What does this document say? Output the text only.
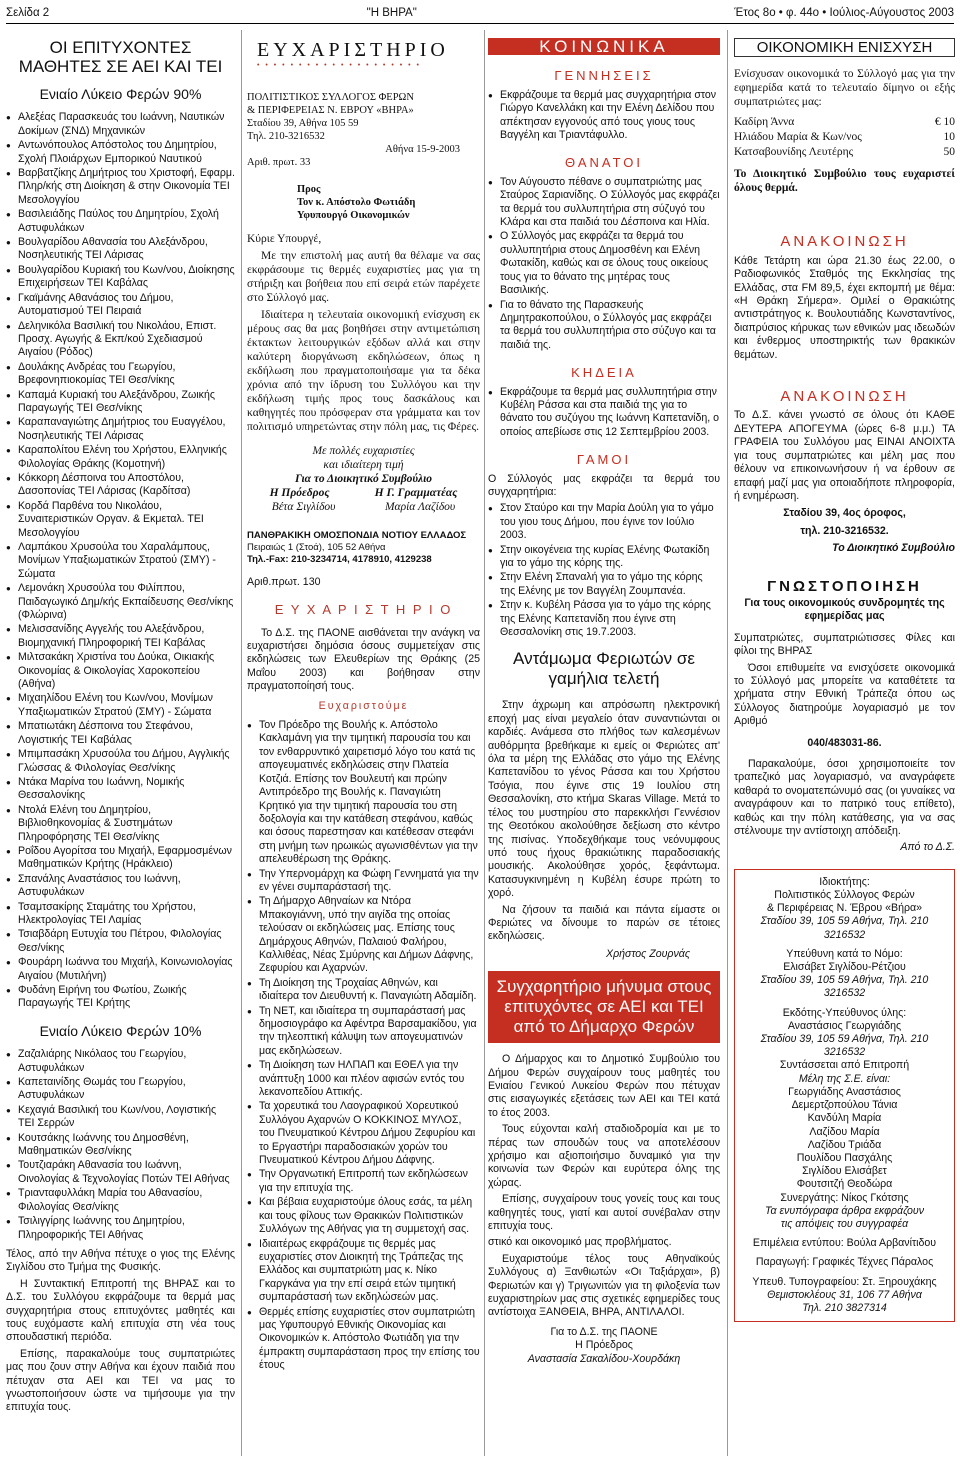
Σελίδα 2	"Η ΒΗΡΑ"	Έτος 8ο • φ. 44ο • Ιούλιος-Αύγουστος 2003
ΟΙ ΕΠΙΤΥΧΟΝΤΕΣ ΜΑΘΗΤΕΣ ΣΕ ΑΕΙ ΚΑΙ ΤΕΙ
Ενιαίο Λύκειο Φερών 90%
● Αλεξέας Παρασκευάς του Ιωάννη, Ναυτικών Δοκίμων (ΣΝΔ) Μηχανικών
● Αντωνόπουλος Απόστολος του Δημητρίου, Σχολή Πλοιάρχων Εμπορικού Ναυτικού
● Βαρβατζίκης Δημήτριος του Χριστοφή, Εφαρμ. Πληρ/κής στη Διοίκηση & στην Οικονομία ΤΕΙ Μεσολογγίου
● Βασιλειάδης Παύλος του Δημητρίου, Σχολή Αστυφυλάκων
● Βουλγαρίδου Αθανασία του Αλεξάνδρου, Νοσηλευτικής ΤΕΙ Λάρισας
● Βουλγαρίδου Κυριακή του Κων/νου, Διοίκησης Επιχειρήσεων ΤΕΙ Καβάλας
● Γκαϊμάνης Αθανάσιος του Δήμου, Αυτοματισμού ΤΕΙ Πειραιά
● Δεληνικόλα Βασιλική του Νικολάου, Επιστ. Προσχ. Αγωγής & Εκπ/κού Σχεδιασμού Αιγαίου (Ρόδος)
● Δουλάκης Ανδρέας του Γεωργίου, Βρεφονηπιοκομίας ΤΕΙ Θεσ/νίκης
● Καπαμά Κυριακή του Αλεξάνδρου, Ζωικής Παραγωγής ΤΕΙ Θεσ/νίκης
● Καραπαναγιώτης Δημήτριος του Ευαγγέλου, Νοσηλευτικής ΤΕΙ Λάρισας
● Καραπολίτου Ελένη του Χρήστου, Ελληνικής Φιλολογίας Θράκης (Κομοτηνή)
● Κόκκορη Δέσποινα του Αποστόλου, Δασοπονίας ΤΕΙ Λάρισας (Καρδίτσα)
● Κορδά Παρθένα του Νικολάου, Συναιτεριστικών Οργαν. & Εκμεταλ. ΤΕΙ Μεσολογγίου
● Λαμπάκου Χρυσούλα του Χαραλάμπους, Μονίμων Υπαξιωματικών Στρατού (ΣΜΥ) - Σώματα
● Λεμονάκη Χρυσούλα του Φιλίππου, Παιδαγωγικό Δημ/κής Εκπαίδευσης Θεσ/νίκης (Φλώρινα)
● Μελισσανίδης Αγγελής του Αλεξάνδρου, Βιομηχανική Πληροφορική ΤΕΙ Καβάλας
● Μιλτσακάκη Χριστίνα του Δούκα, Οικιακής Οικονομίας & Οικολογίας Χαροκοπείου (Αθήνα)
● Μιχαηλίδου Ελένη του Κων/νου, Μονίμων Υπαξιωματικών Στρατού (ΣΜΥ) - Σώματα
● Μπατιωτάκη Δέσποινα του Στεφάνου, Λογιστικής ΤΕΙ Καβάλας
● Μπιμπασάκη Χρυσούλα του Δήμου, Αγγλικής Γλώσσας & Φιλολογίας Θεσ/νίκης
● Ντάκα Μαρίνα του Ιωάννη, Νομικής Θεσσαλονίκης
● Ντολά Ελένη του Δημητρίου, Βιβλιοθηκονομίας & Συστημάτων Πληροφόρησης ΤΕΙ Θεσ/νίκης
● Ροΐδου Αγορίτσα του Μιχαήλ, Εφαρμοσμένων Μαθηματικών Κρήτης (Ηράκλειο)
● Σπανάλης Αναστάσιος του Ιωάννη, Αστυφυλάκων
● Τσαμτσακίρης Σταμάτης του Χρήστου, Ηλεκτρολογίας ΤΕΙ Λαμίας
● Τσιαβδάρη Ευτυχία του Πέτρου, Φιλολογίας Θεσ/νίκης
● Φουράρη Ιωάννα του Μιχαήλ, Κοινωνιολογίας Αιγαίου (Μυτιλήνη)
● Φυδάνη Ειρήνη του Φωτίου, Ζωικής Παραγωγής ΤΕΙ Κρήτης
Ενιαίο Λύκειο Φερών 10%
● Ζαζαλιάρης Νικόλαος του Γεωργίου, Αστυφυλάκων
● Καπεταινίδης Θωμάς του Γεωργίου, Αστυφυλάκων
● Κεχαγιά Βασιλική του Κων/νου, Λογιστικής ΤΕΙ Σερρών
● Κουτσάκης Ιωάννης του Δημοσθένη, Μαθηματικών Θεσ/νίκης
● Τουτζιαράκη Αθανασία του Ιωάννη, Οινολογίας & Τεχνολογίας Ποτών ΤΕΙ Αθήνας
● Τριανταφυλλάκη Μαρία του Αθανασίου, Φιλολογίας Θεσ/νίκης
● Τσιλιγγίρης Ιωάννης του Δημητρίου, Πληροφορικής ΤΕΙ Αθήνας

Τέλος, από την Αθήνα πέτυχε ο γιος της Ελένης Σιγλίδου στο Τμήμα της Φυσικής.

Η Συντακτική Επιτροπή της ΒΗΡΑΣ και το Δ.Σ. του Συλλόγου εκφράζουμε τα θερμά μας συγχαρητήρια στους επιτυχόντες μαθητές και τους ευχόμαστε καλή επιτυχία στη νέα τους σπουδαστική περιόδα.

Επίσης, παρακαλούμε τους συμπατριώτες μας που ζουν στην Αθήνα και έχουν παιδιά που πέτυχαν στα ΑΕΙ και ΤΕΙ να μας το γνωστοποιήσουν ώστε να τιμήσουμε για την επιτυχία τους.

ΕΥΧΑΡΙΣΤΗΡΙΟ
• • • • • • • • • • • • • • • • • • • •
ΠΟΛΙΤΙΣΤΙΚΟΣ ΣΥΛΛΟΓΟΣ ΦΕΡΩΝ
& ΠΕΡΙΦΕΡΕΙΑΣ Ν. ΕΒΡΟΥ «ΒΗΡΑ»
Σταδίου 39, Αθήνα 105 59
Τηλ. 210-3216532
Αθήνα 15-9-2003
Αριθ. πρωτ. 33
Προς
Τον κ. Απόστολο Φωτιάδη
Υφυπουργό Οικονομικών

Κύριε Υπουργέ,

Με την επιστολή μας αυτή θα θέλαμε να σας εκφράσουμε τις θερμές ευχαριστίες μας για τη στήριξη και βοήθεια που επί σειρά ετών παρέχετε στο Σύλλογό μας.

Ιδιαίτερα η τελευταία οικονομική ενίσχυση εκ μέρους σας θα μας βοηθήσει στην αντιμετώπιση έκτακτων λειτουργικών εξόδων αλλά και στην καλύτερη διοργάνωση εκδηλώσεων, όπως η εκδήλωση που πραγματοποιήσαμε για τα δέκα χρόνια από την ίδρυση του Συλλόγου και την εκδήλωση τιμής προς τους δασκάλους και καθηγητές που πρόσφεραν στα γράμματα και τον πολιτισμό υπηρετώντας στην πόλη μας, τις Φέρες.

Με πολλές ευχαριστίες
και ιδιαίτερη τιμή
Για το Διοικητικό Συμβούλιο
Η Πρόεδρος	Η Γ. Γραμματέας
Βέτα Σιγλίδου	Μαρία Λαζίδου
ΠΑΝΘΡΑΚΙΚΗ ΟΜΟΣΠΟΝΔΙΑ ΝΟΤΙΟΥ ΕΛΛΑΔΟΣ
Πειραιώς 1 (Στοά), 105 52 Αθήνα
Τηλ.-Fax: 210-3234714, 4178910, 4129238
Αριθ.πρωτ. 130
Ε Υ Χ Α Ρ Ι Σ Τ Η Ρ Ι Ο

Το Δ.Σ. της ΠΑΟΝΕ αισθάνεται την ανάγκη να ευχαριστήσει δημόσια όσους συμμετείχαν στις εκδηλώσεις των Ελευθερίων της Θράκης (25 Μαΐου 2003) και βοήθησαν στην πραγματοποίησή τους.

Ευχαριστούμε
● Τον Πρόεδρο της Βουλής κ. Απόστολο Κακλαμάνη για την τιμητική παρουσία του και τον ενθαρρυντικό χαιρετισμό λόγο του κατά τις απογευματινές εκδηλώσεις στην Πλατεία Κοτζιά. Επίσης τον Βουλευτή και πρώην Αντιπρόεδρο της Βουλής κ. Παναγιώτη Κρητικό για την τιμητική παρουσία του στη δοξολογία και την κατάθεση στεφάνου, καθώς και όσους παρεστησαν και κατέθεσαν στεφάνι στη μνήμη των ηρωικώς αγωνισθέντων για την απελευθέρωση της Θράκης.
● Την Υπερνομάρχη κα Φώφη Γεννηματά για την εν γένει συμπαράστασή της.
● Τη Δήμαρχο Αθηναίων κα Ντόρα Μπακογιάννη, υπό την αιγίδα της οποίας τελούσαν οι εκδηλώσεις μας. Επίσης τους Δημάρχους Αθηνών, Παλαιού Φαλήρου, Καλλιθέας, Νέας Σμύρνης και Δήμων Δάφνης, Ζεφυρίου και Αχαρνών.
● Τη Διοίκηση της Τροχαίας Αθηνών, και ιδιαίτερα τον Διευθυντή κ. Παναγιώτη Αδαμίδη.
● Τη ΝΕΤ, και ιδιαίτερα τη συμπαράστασή μας δημοσιογράφο κα Αφέντρα Βαρσαμακίδου, για την τηλεοπτική κάλυψη των απογευματινών μας εκδηλώσεων.
● Τη Διοίκηση των ΗΛΠΑΠ και ΕΘΕΛ για την ανάπτυξη 1000 και πλέον αφισών εντός του λεκανοπεδίου Αττικής.
● Τα χορευτικά του Λαογραφικού Χορευτικού Συλλόγου Αχαρνών Ο ΚΟΚΚΙΝΟΣ ΜΥΛΟΣ, του Πνευματικού Κέντρου Δήμου Ζεφυρίου και το Εργαστήρι παραδοσιακών χορών του Πνευματικού Κέντρου Δήμου Δάφνης.
● Την Οργανωτική Επιτροπή των εκδηλώσεων για την επιτυχία της.
● Και βέβαια ευχαριστούμε όλους εσάς, τα μέλη και τους φίλους των Θρακικών Πολιτιστικών Συλλόγων της Αθήνας για τη συμμετοχή σας.
● Ιδιαιτέρως εκφράζουμε τις θερμές μας ευχαριστίες στον Διοικητή της Τράπεζας της Ελλάδος και συμπατριώτη μας κ. Νίκο Γκαργκάνα για την επί σειρά ετών τιμητική συμπαράστασή των εκδηλώσεών μας.
● Θερμές επίσης ευχαριστίες στον συμπατριώτη μας Υφυπουργό Εθνικής Οικονομίας και Οικονομικών κ. Απόστολο Φωτιάδη για την έμπρακτη συμπαράσταση προς την επίσης του έτους
ΚΟΙΝΩΝΙΚΑ
ΓΕΝΝΗΣΕΙΣ
● Εκφράζουμε τα θερμά μας συγχαρητήρια στον Γιώργο Κανελλάκη και την Ελένη Δελίδου που απέκτησαν εγγονούς από τους γιους τους Βαγγέλη και Τριαντάφυλλο.
ΘΑΝΑΤΟΙ
● Τον Αύγουστο πέθανε ο συμπατριώτης μας Σταύρος Σαριανίδης. Ο Σύλλογός μας εκφράζει τα θερμά του συλλυπητήρια στη σύζυγό του Κλάρα και στα παιδιά του Δέσποινα και Ηλία.
● Ο Σύλλογός μας εκφράζει τα θερμά του συλλυπητήρια στους Δημοσθένη και Ελένη Φωτακίδη, καθώς και σε όλους τους οικείους τους για το θάνατο της μητέρας τους Βασιλικής.
● Για το θάνατο της Παρασκευής Δημητρακοπούλου, ο Σύλλογός μας εκφράζει τα θερμά του συλλυπητήρια στο σύζυγο και τα παιδιά της.
ΚΗΔΕΙΑ
● Εκφράζουμε τα θερμά μας συλλυπητήρια στην Κυβέλη Ράσσα και στα παιδιά της για το θάνατο του συζύγου της Ιωάννη Καπετανίδη, ο οποίος απεβίωσε στις 12 Σεπτεμβρίου 2003.
ΓΑΜΟΙ

Ο Σύλλογός μας εκφράζει τα θερμά του συγχαρητήρια:

● Στον Σταύρο και την Μαρία Δούλη για το γάμο του γιου τους Δήμου, που έγινε τον Ιούλιο 2003.
● Στην οικογένεια της κυρίας Ελένης Φωτακίδη για το γάμο της κόρης της.
● Στην Ελένη Σπαναλή για το γάμο της κόρης της Ελένης με τον Βαγγέλη Ζουμπανέα.
● Στην κ. Κυβέλη Ράσσα για το γάμο της κόρης της Ελένης Καπετανίδη που έγινε στη Θεσσαλονίκη στις 19.7.2003.
Αντάμωμα Φεριωτών σε γαμήλια τελετή

Στην άχρωμη και απρόσωπη ηλεκτρονική εποχή μας είναι μεγαλείο όταν συναντιώνται οι καρδιές. Ανάμεσα στο πλήθος των καλεσμένων αυθόρμητα βρεθήκαμε κι εμείς οι Φεριώτες απ' όλα τα μέρη της Ελλάδας στο γάμο της Ελένης Καπετανίδου το γένος Ράσσα και του Χρήστου Τσόγια, που έγινε στις 19 Ιουλίου στη Θεσσαλονίκη, στο κτήμα Skaras Village. Μετά το τέλος του μυστηρίου στο παρεκκλήσι Γεννέσιον της Θεοτόκου ακολούθησε δεξίωση στο κέντρο της πισίνας. Υποδεχθήκαμε τους νεόνυμφους υπό τους ήχους θρακιώτικης παραδοσιακής μουσικής. Ακολούθησε χορός, ξεφάντωμα. Κατασυγκινημένη η Κυβέλη έσυρε πρώτη το χορό.

Να ζήσουν τα παιδιά και πάντα είμαστε οι Φεριώτες να δίνουμε το παρών σε τέτοιες εκδηλώσεις.

Χρήστος Ζουρνάς
Συγχαρητήριο μήνυμα στους επιτυχόντες σε ΑΕΙ και ΤΕΙ από το Δήμαρχο Φερών

Ο Δήμαρχος και το Δημοτικό Συμβούλιο του Δήμου Φερών συγχαίρουν τους μαθητές του Ενιαίου Γενικού Λυκείου Φερών που πέτυχαν στις εισαγωγικές εξετάσεις των ΑΕΙ και ΤΕΙ κατά το έτος 2003.

Τους εύχονται καλή σταδιοδρομία και με το πέρας των σπουδών τους να αποτελέσουν χρήσιμο και αξιοποιήσιμο δυναμικό για την κοινωνία των Φερών και ευρύτερα όλης της χώρας.

Επίσης, συγχαίρουν τους γονείς τους και τους καθηγητές τους, γιατί και αυτοί συνέβαλαν στην επιτυχία τους.

στικό και οικονομικό μας προβλήματος.

Ευχαριστούμε τέλος τους Αθηναϊκούς Συλλόγους α) Ξανθιωτών «Οι Ταξιάρχαι», β) Φεριωτών και γ) Τριγωνιτών για τη φιλοξενία των ευχαριστηρίων μας στις σχετικές εφημερίδες τους αντίστοιχα ΞΑΝΘΕΙΑ, ΒΗΡΑ, ΑΝΤΙΛΑΛΟΙ.

Για το Δ.Σ. της ΠΑΟΝΕ
Η Πρόεδρος
Αναστασία Σακαλίδου-Χουρδάκη
ΟΙΚΟΝΟΜΙΚΗ ΕΝΙΣΧΥΣΗ

Ενίσχυσαν οικονομικά το Σύλλογό μας για την εφημερίδα κατά το τελευταίο δίμηνο οι εξής συμπατριώτες μας:

Καδίρη Άννα	€ 10
Ηλιάδου Μαρία & Κων/νος	10
Κατσαβουνίδης Λευτέρης	50

Το Διοικητικό Συμβούλιο τους ευχαριστεί όλους θερμά.

ΑΝΑΚΟΙΝΩΣΗ

Κάθε Τετάρτη και ώρα 21.30 έως 22.00, ο Ραδιοφωνικός Σταθμός της Εκκλησίας της Ελλάδας, στα FM 89,5, έχει εκπομπή με θέμα: «Η Θράκη Σήμερα». Ομιλεί ο Θρακιώτης αντιστράτηγος κ. Βουλουτιάδης Κωνσταντίνος, διαπρύσιος κήρυκας των εθνικών μας ιδεωδών και ένθερμος υποστηρικτής των θρακικών θεμάτων.

ΑΝΑΚΟΙΝΩΣΗ

Το Δ.Σ. κάνει γνωστό σε όλους ότι ΚΑΘΕ ΔΕΥΤΕΡΑ ΑΠΟΓΕΥΜΑ (ώρες 6-8 μ.μ.) ΤΑ ΓΡΑΦΕΙΑ του Συλλόγου μας ΕΙΝΑΙ ΑΝΟΙΧΤΑ για τους συμπατριώτες και μέλη μας που θέλουν να επικοινωνήσουν ή να έρθουν σε επαφή μαζί μας για οποιαδήποτε πληροφορία, ή ενημέρωση.

Σταδίου 39, 4ος όροφος,
τηλ. 210-3216532.
Το Διοικητικό Συμβούλιο
ΓΝΩΣΤΟΠΟΙΗΣΗ
Για τους οικονομικούς συνδρομητές της εφημερίδας μας

Συμπατριώτες, συμπατριώτισσες Φίλες και φίλοι της ΒΗΡΑΣ

Όσοι επιθυμείτε να ενισχύσετε οικονομικά το Σύλλογό μας μπορείτε να καταθέτετε τα χρήματα στην Εθνική Τράπεζα όπου ως Σύλλογος διατηρούμε λογαριασμό με τον Αριθμό

040/483031-86.

Παρακαλούμε, όσοι χρησιμοποιείτε τον τραπεζικό μας λογαριασμό, να αναγράφετε καθαρά το ονοματεπώνυμό σας (οι γυναίκες να αναγράφουν και το πατρικό τους επίθετο), καθώς και την πόλη κατάθεσης, για να σας στέλνουμε την αντίστοιχη απόδειξη.

Από το Δ.Σ.
Ιδιοκτήτης:
Πολιτιστικός Σύλλογος Φερών
& Περιφέρειας Ν. Έβρου «Βήρα»
Σταδίου 39, 105 59 Αθήνα, Τηλ. 210 3216532
Υπεύθυνη κατά το Νόμο:
Ελισάβετ Σιγλίδου-Ρέτζιου
Σταδίου 39, 105 59 Αθήνα, Τηλ. 210 3216532
Εκδότης-Υπεύθυνος ύλης:
Αναστάσιος Γεωργιάδης
Σταδίου 39, 105 59 Αθήνα, Τηλ. 210 3216532
Συντάσσεται από Επιτροπή
Μέλη της Σ.Ε. είναι:
Γεωργιάδης Αναστάσιος
Δεμερτζοπούλου Τάνια
Κανδύλη Μαρία
Λαζίδου Μαρία
Λαζίδου Τριάδα
Πουλίδου Πασχάλης
Σιγλίδου Ελισάβετ
Φουτσιτζή Θεοδώρα
Συνεργάτης: Νίκος Γκότσης
Τα ενυπόγραφα άρθρα εκφράζουν
τις απόψεις του συγγραφέα
Επιμέλεια εντύπου: Βούλα Αρβανίτιδου
Παραγωγή: Γραφικές Τέχνες Πάραλος
Υπευθ. Τυπογραφείου: Στ. Ξηρουχάκης
Θεμιστοκλέους 31, 106 77 Αθήνα
Τηλ. 210 3827314
